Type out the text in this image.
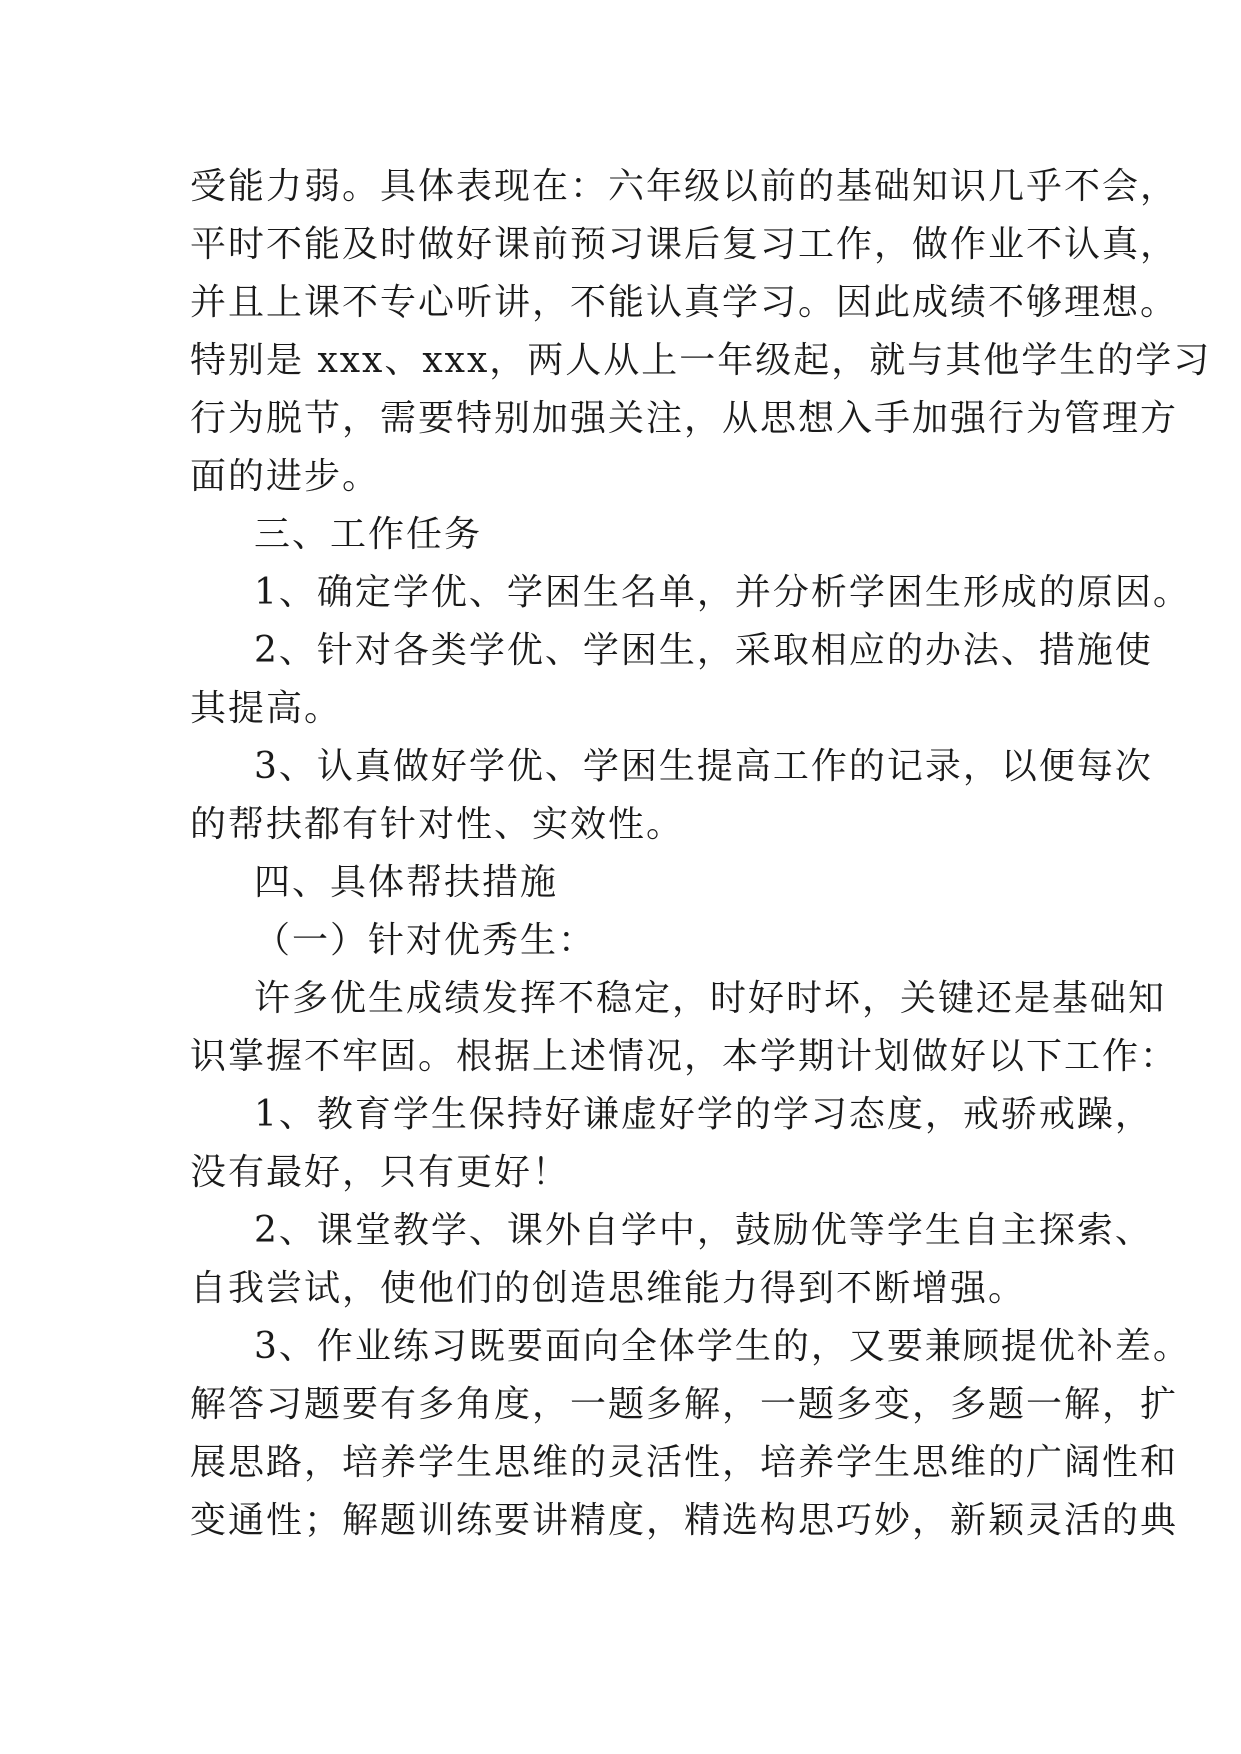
受能力弱。具体表现在：六年级以前的基础知识几乎不会，
平时不能及时做好课前预习课后复习工作，做作业不认真，
并且上课不专心听讲，不能认真学习。因此成绩不够理想。
特别是 xxx、xxx，两人从上一年级起，就与其他学生的学习
行为脱节，需要特别加强关注，从思想入手加强行为管理方
面的进步。
三、工作任务
1、确定学优、学困生名单，并分析学困生形成的原因。
2、针对各类学优、学困生，采取相应的办法、措施使
其提高。
3、认真做好学优、学困生提高工作的记录，以便每次
的帮扶都有针对性、实效性。
四、具体帮扶措施
（一）针对优秀生：
许多优生成绩发挥不稳定，时好时坏，关键还是基础知
识掌握不牢固。根据上述情况，本学期计划做好以下工作：
1、教育学生保持好谦虚好学的学习态度，戒骄戒躁，
没有最好，只有更好！
2、课堂教学、课外自学中，鼓励优等学生自主探索、
自我尝试，使他们的创造思维能力得到不断增强。
3、作业练习既要面向全体学生的，又要兼顾提优补差。
解答习题要有多角度，一题多解，一题多变，多题一解，扩
展思路，培养学生思维的灵活性，培养学生思维的广阔性和
变通性；解题训练要讲精度，精选构思巧妙，新颖灵活的典
